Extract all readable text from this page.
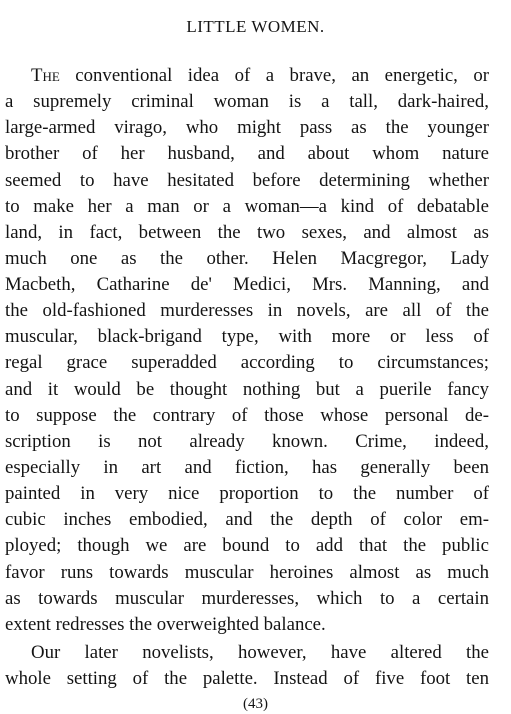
LITTLE WOMEN.
The conventional idea of a brave, an energetic, or
a supremely criminal woman is a tall, dark-haired,
large-armed virago, who might pass as the younger
brother of her husband, and about whom nature
seemed to have hesitated before determining whether
to make her a man or a woman—a kind of debatable
land, in fact, between the two sexes, and almost as
much one as the other. Helen Macgregor, Lady
Macbeth, Catharine de' Medici, Mrs. Manning, and
the old-fashioned murderesses in novels, are all of the
muscular, black-brigand type, with more or less of
regal grace superadded according to circumstances;
and it would be thought nothing but a puerile fancy
to suppose the contrary of those whose personal de-
scription is not already known. Crime, indeed,
especially in art and fiction, has generally been
painted in very nice proportion to the number of
cubic inches embodied, and the depth of color em-
ployed; though we are bound to add that the public
favor runs towards muscular heroines almost as much
as towards muscular murderesses, which to a certain
extent redresses the overweighted balance.
Our later novelists, however, have altered the
whole setting of the palette. Instead of five foot ten
(43)
